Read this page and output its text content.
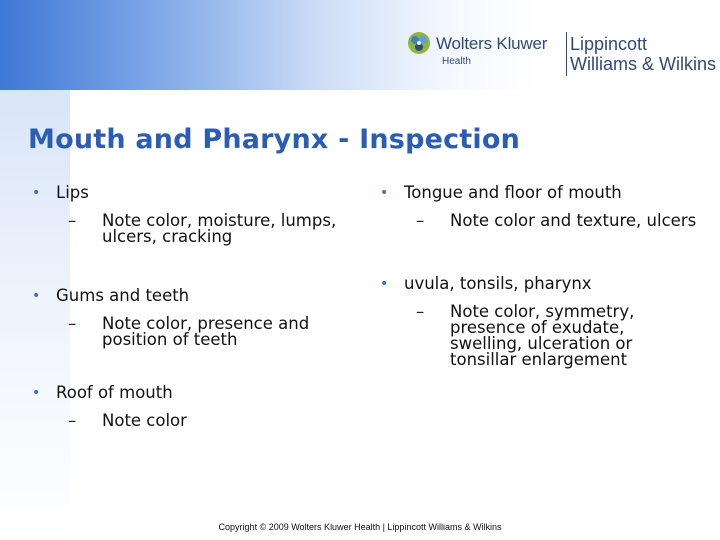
Wolters Kluwer
Health
Lippincott
Williams & Wilkins
Mouth and Pharynx - Inspection
• Lips
– Note color, moisture, lumps, ulcers, cracking
• Gums and teeth
– Note color, presence and position of teeth
• Roof of mouth
– Note color
• Tongue and floor of mouth
– Note color and texture, ulcers
• uvula, tonsils, pharynx
– Note color, symmetry, presence of exudate, swelling, ulceration or tonsillar enlargement
Copyright © 2009 Wolters Kluwer Health | Lippincott Williams & Wilkins
